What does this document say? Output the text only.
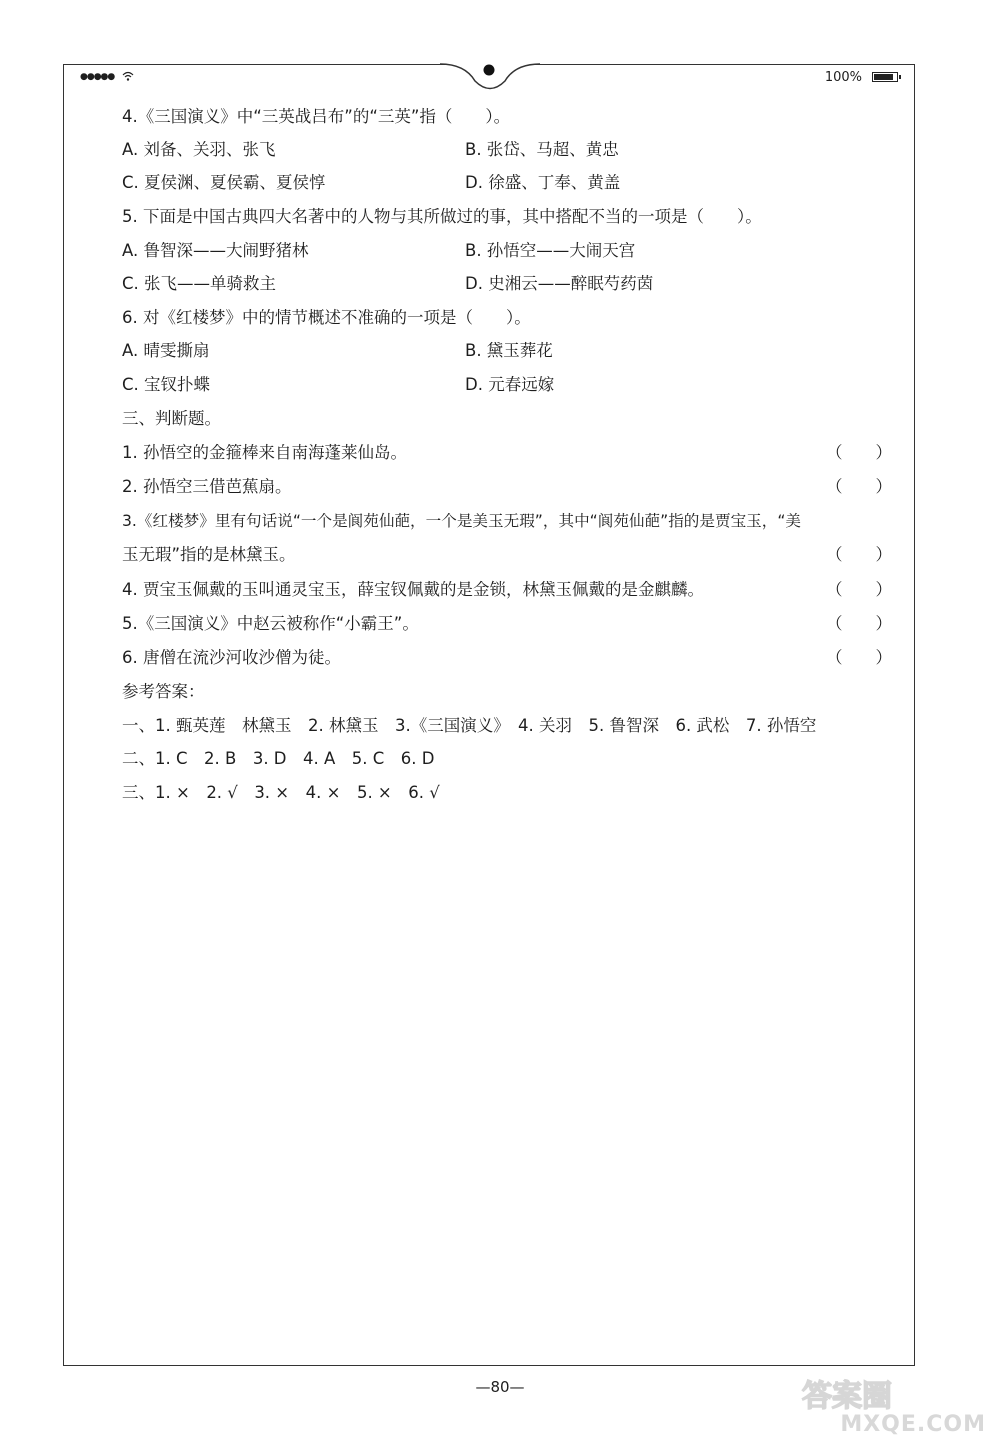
●●●●●	100%
4.《三国演义》中“三英战吕布”的“三英”指（　　）。
A. 刘备、关羽、张飞	B. 张岱、马超、黄忠
C. 夏侯渊、夏侯霸、夏侯惇	D. 徐盛、丁奉、黄盖
5. 下面是中国古典四大名著中的人物与其所做过的事，其中搭配不当的一项是（　　）。
A. 鲁智深——大闹野猪林	B. 孙悟空——大闹天宫
C. 张飞——单骑救主	D. 史湘云——醉眠芍药茵
6. 对《红楼梦》中的情节概述不准确的一项是（　　）。
A. 晴雯撕扇	B. 黛玉葬花
C. 宝钗扑蝶	D. 元春远嫁
三、判断题。
1. 孙悟空的金箍棒来自南海蓬莱仙岛。	（　　）
2. 孙悟空三借芭蕉扇。	（　　）
3.《红楼梦》里有句话说“一个是阆苑仙葩，一个是美玉无瑕”，其中“阆苑仙葩”指的是贾宝玉，“美
玉无瑕”指的是林黛玉。	（　　）
4. 贾宝玉佩戴的玉叫通灵宝玉，薛宝钗佩戴的是金锁，林黛玉佩戴的是金麒麟。	（　　）
5.《三国演义》中赵云被称作“小霸王”。	（　　）
6. 唐僧在流沙河收沙僧为徒。	（　　）
参考答案：
一、1. 甄英莲　林黛玉　2. 林黛玉　3.《三国演义》　4. 关羽　5. 鲁智深　6. 武松　7. 孙悟空
二、1. C　2. B　3. D　4. A　5. C　6. D
三、1. ×　2. √　3. ×　4. ×　5. ×　6. √
—80—	答案圈
MXQE.COM
